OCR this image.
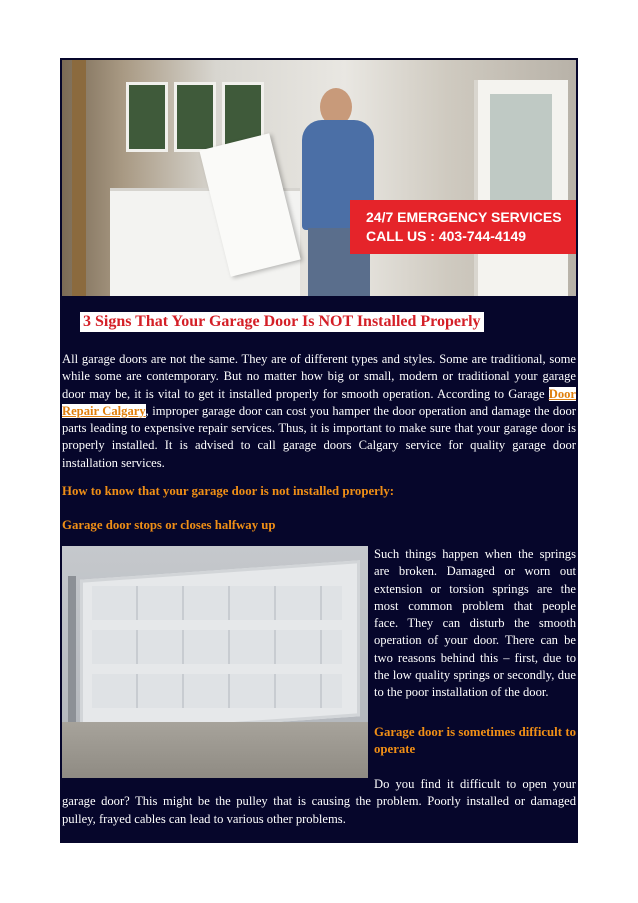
24/7 EMERGENCY SERVICES
CALL US : 403-744-4149
3 Signs That Your Garage Door Is NOT Installed Properly
All garage doors are not the same. They are of different types and styles. Some are traditional, some while some are contemporary. But no matter how big or small, modern or traditional your garage door may be, it is vital to get it installed properly for smooth operation. According to Garage Door Repair Calgary, improper garage door can cost you hamper the door operation and damage the door parts leading to expensive repair services. Thus, it is important to make sure that your garage door is properly installed. It is advised to call garage doors Calgary service for quality garage door installation services.
How to know that your garage door is not installed properly:
Garage door stops or closes halfway up
Such things happen when the springs are broken. Damaged or worn out extension or torsion springs are the most common problem that people face. They can disturb the smooth operation of your door. There can be two reasons behind this – first, due to the low quality springs or secondly, due to the poor installation of the door.
Garage door is sometimes difficult to operate
Do you find it difficult to open your garage door? This might be the pulley that is causing the problem. Poorly installed or damaged pulley, frayed cables can lead to various other problems.
